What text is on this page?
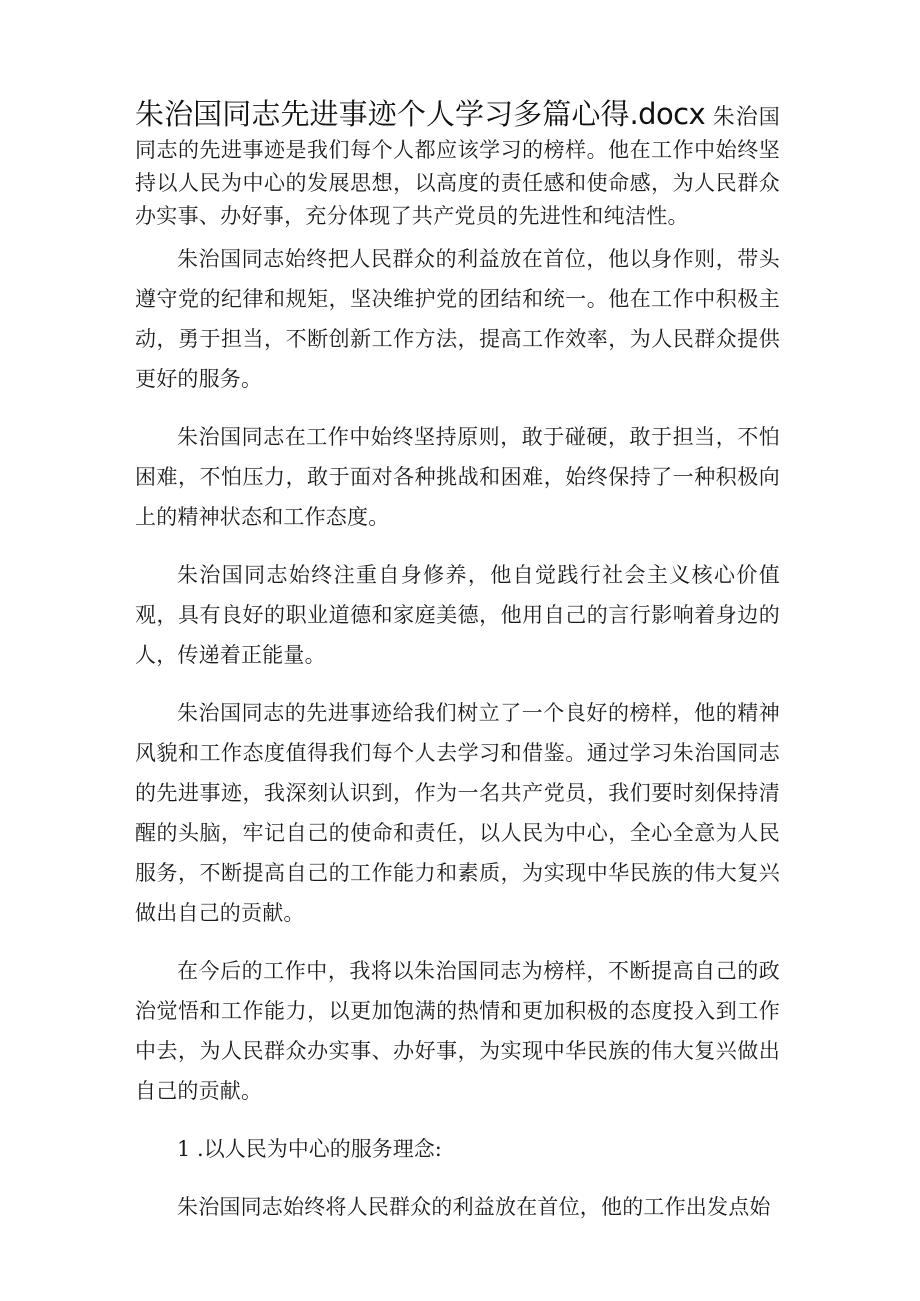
朱治国同志先进事迹个人学习多篇心得.docx 朱治国同志的先进事迹是我们每个人都应该学习的榜样。他在工作中始终坚持以人民为中心的发展思想，以高度的责任感和使命感，为人民群众办实事、办好事，充分体现了共产党员的先进性和纯洁性。

朱治国同志始终把人民群众的利益放在首位，他以身作则，带头遵守党的纪律和规矩，坚决维护党的团结和统一。他在工作中积极主动，勇于担当，不断创新工作方法，提高工作效率，为人民群众提供更好的服务。

朱治国同志在工作中始终坚持原则，敢于碰硬，敢于担当，不怕困难，不怕压力，敢于面对各种挑战和困难，始终保持了一种积极向上的精神状态和工作态度。

朱治国同志始终注重自身修养，他自觉践行社会主义核心价值观，具有良好的职业道德和家庭美德，他用自己的言行影响着身边的人，传递着正能量。

朱治国同志的先进事迹给我们树立了一个良好的榜样，他的精神风貌和工作态度值得我们每个人去学习和借鉴。通过学习朱治国同志的先进事迹，我深刻认识到，作为一名共产党员，我们要时刻保持清醒的头脑，牢记自己的使命和责任，以人民为中心，全心全意为人民服务，不断提高自己的工作能力和素质，为实现中华民族的伟大复兴做出自己的贡献。

在今后的工作中，我将以朱治国同志为榜样，不断提高自己的政治觉悟和工作能力，以更加饱满的热情和更加积极的态度投入到工作中去，为人民群众办实事、办好事，为实现中华民族的伟大复兴做出自己的贡献。

1 .以人民为中心的服务理念:

朱治国同志始终将人民群众的利益放在首位，他的工作出发点始
